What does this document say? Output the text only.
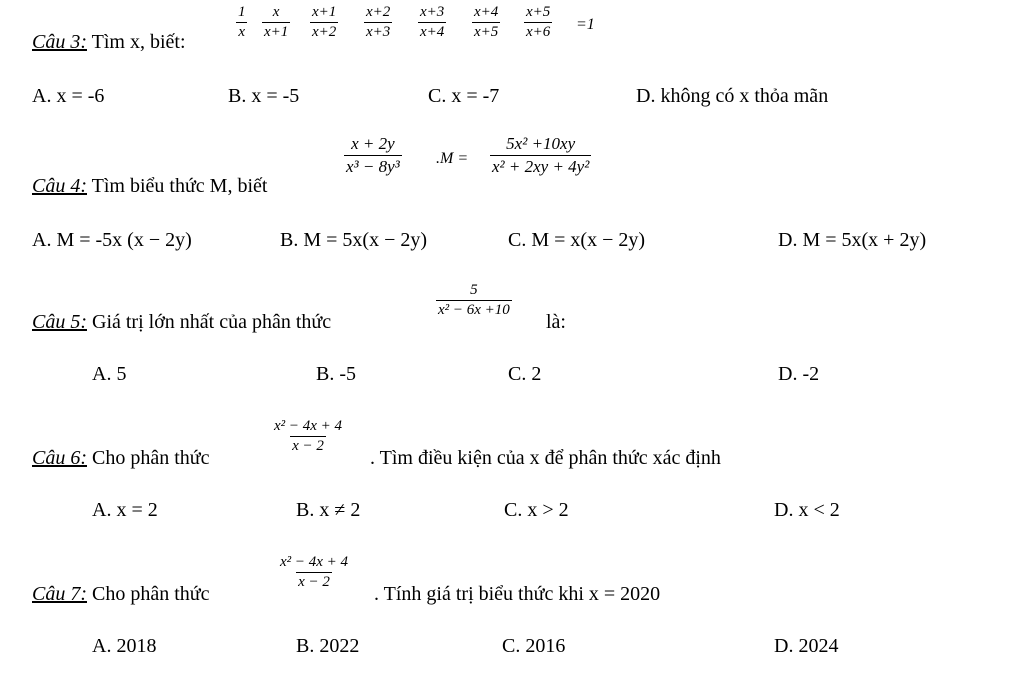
Câu 3: Tìm x, biết:
$\frac{1}{x} \frac{x}{x+1} \frac{x+1}{x+2} \frac{x+2}{x+3} \frac{x+3}{x+4} \frac{x+4}{x+5} \frac{x+5}{x+6} =1$
A. x = -6	B. x = -5	C. x = -7	D. không có x thỏa mãn
Câu 4: Tìm biểu thức M, biết
$\frac{x + 2y}{\text{x³ − 8y³}} .M = \frac{\text{5x² +10xy}}{\text{x² + 2xy + 4y²}}$
A. M = -5x (x − 2y)	B. M = 5x(x − 2y)	C. M = x(x − 2y)	D. M = 5x(x + 2y)
Câu 5: Giá trị lớn nhất của phân thức
$\frac{5}{\text{x² − 6x +10}}$
là:
A. 5	B. -5	C. 2	D. -2
Câu 6: Cho phân thức
$\frac{\text{x² − 4x + 4}}{x - 2}$
. Tìm điều kiện của x để phân thức xác định
A. x = 2	B. x ≠ 2	C. x > 2	D. x < 2
Câu 7: Cho phân thức
$\frac{\text{x² − 4x + 4}}{x - 2}$
. Tính giá trị biểu thức khi x = 2020
A. 2018	B. 2022	C. 2016	D. 2024
